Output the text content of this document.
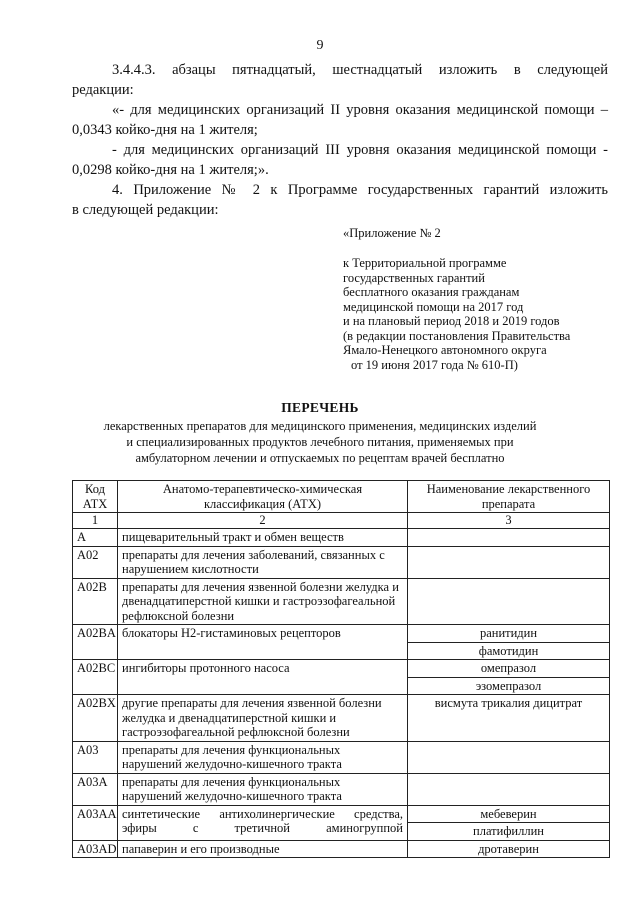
9
3.4.4.3. абзацы пятнадцатый, шестнадцатый изложить в следующей
редакции:
«- для медицинских организаций II уровня оказания медицинской помощи –
0,0343 койко-дня на 1 жителя;
- для медицинских организаций III уровня оказания медицинской помощи -
0,0298 койко-дня на 1 жителя;».
4. Приложение № 2 к Программе государственных гарантий изложить
в следующей редакции:
«Приложение № 2
к Территориальной программе
государственных гарантий
бесплатного оказания гражданам
медицинской помощи на 2017 год
и на плановый период 2018 и 2019 годов
(в редакции постановления Правительства
Ямало-Ненецкого автономного округа
от 19 июня 2017 года № 610-П)
ПЕРЕЧЕНЬ
лекарственных препаратов для медицинского применения, медицинских изделий и специализированных продуктов лечебного питания, применяемых при амбулаторном лечении и отпускаемых по рецептам врачей бесплатно
Код АТХ	Анатомо-терапевтическо-химическая классификация (АТХ)	Наименование лекарственного препарата
1	2	3
А	пищеварительный тракт и обмен веществ	
A02	препараты для лечения заболеваний, связанных с нарушением кислотности	
A02B	препараты для лечения язвенной болезни желудка и двенадцатиперстной кишки и гастроэзофагеальной рефлюксной болезни	
A02BA	блокаторы Н2-гистаминовых рецепторов	ранитидин
фамотидин

A02BC	ингибиторы протонного насоса	омепразол
эзомепразол

A02BX	другие препараты для лечения язвенной болезни желудка и двенадцатиперстной кишки и гастроэзофагеальной рефлюксной болезни	висмута трикалия дицитрат

A03	препараты для лечения функциональных нарушений желудочно-кишечного тракта	
A03A	препараты для лечения функциональных нарушений желудочно-кишечного тракта	
A03AA	синтетические антихолинергические средства, эфиры с третичной аминогруппой	мебеверин
платифиллин

A03AD	папаверин и его производные	дротаверин
